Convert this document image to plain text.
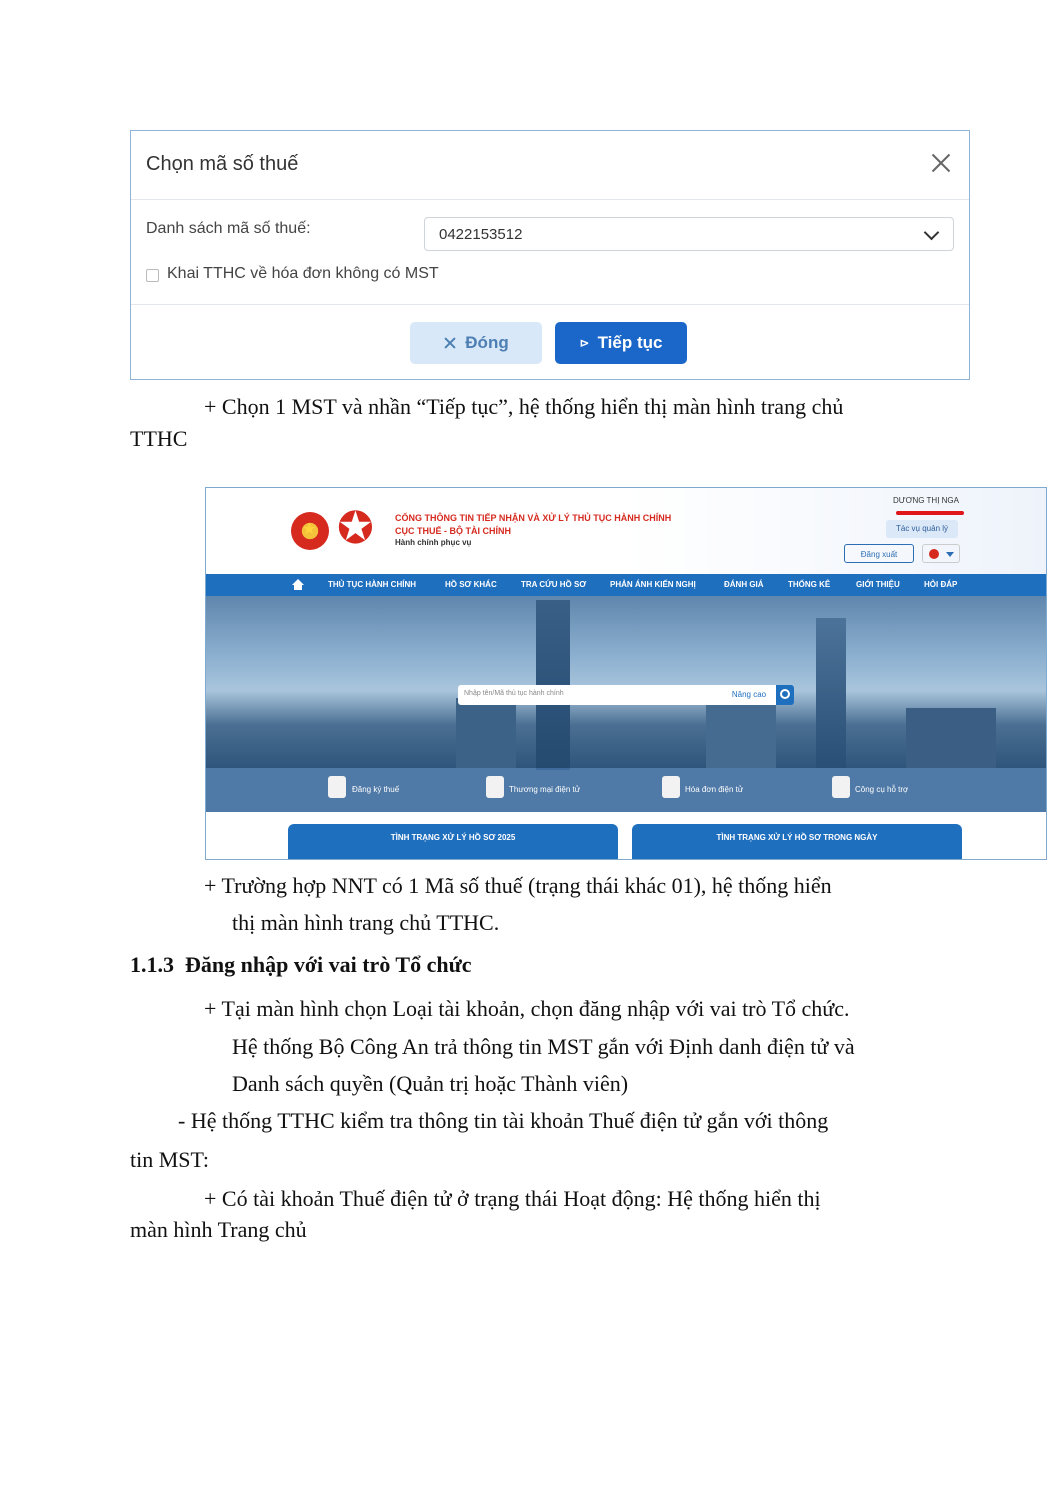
Chọn mã số thuế
Danh sách mã số thuế:	0422153512
Khai TTHC về hóa đơn không có MST
Đóng	⊳ Tiếp tục
+ Chọn 1 MST và nhần “Tiếp tục”, hệ thống hiển thị màn hình trang chủ
TTHC
★
✪ CỔNG THÔNG TIN TIẾP NHẬN VÀ XỬ LÝ THỦ TỤC HÀNH CHÍNH
CỤC THUẾ - BỘ TÀI CHÍNH
Hành chính phục vụ
DƯƠNG THỊ NGA
Tác vụ quản lý
Đăng xuất
THỦ TỤC HÀNH CHÍNH	HỒ SƠ KHÁC	TRA CỨU HỒ SƠ	PHẢN ÁNH KIẾN NGHỊ	ĐÁNH GIÁ	THỐNG KÊ	GIỚI THIỆU	HỎI ĐÁP
Nhập tên/Mã thủ tục hành chính	Nâng cao
Đăng ký thuế	Thương mại điện tử	Hóa đơn điện tử	Công cụ hỗ trợ
TÌNH TRẠNG XỬ LÝ HỒ SƠ 2025	TÌNH TRẠNG XỬ LÝ HỒ SƠ TRONG NGÀY
+ Trường hợp NNT có 1 Mã số thuế (trạng thái khác 01), hệ thống hiển
thị màn hình trang chủ TTHC.
1.1.3 Đăng nhập với vai trò Tổ chức
+ Tại màn hình chọn Loại tài khoản, chọn đăng nhập với vai trò Tổ chức.
Hệ thống Bộ Công An trả thông tin MST gắn với Định danh điện tử và
Danh sách quyền (Quản trị hoặc Thành viên)
- Hệ thống TTHC kiểm tra thông tin tài khoản Thuế điện tử gắn với thông
tin MST:
+ Có tài khoản Thuế điện tử ở trạng thái Hoạt động: Hệ thống hiển thị
màn hình Trang chủ
